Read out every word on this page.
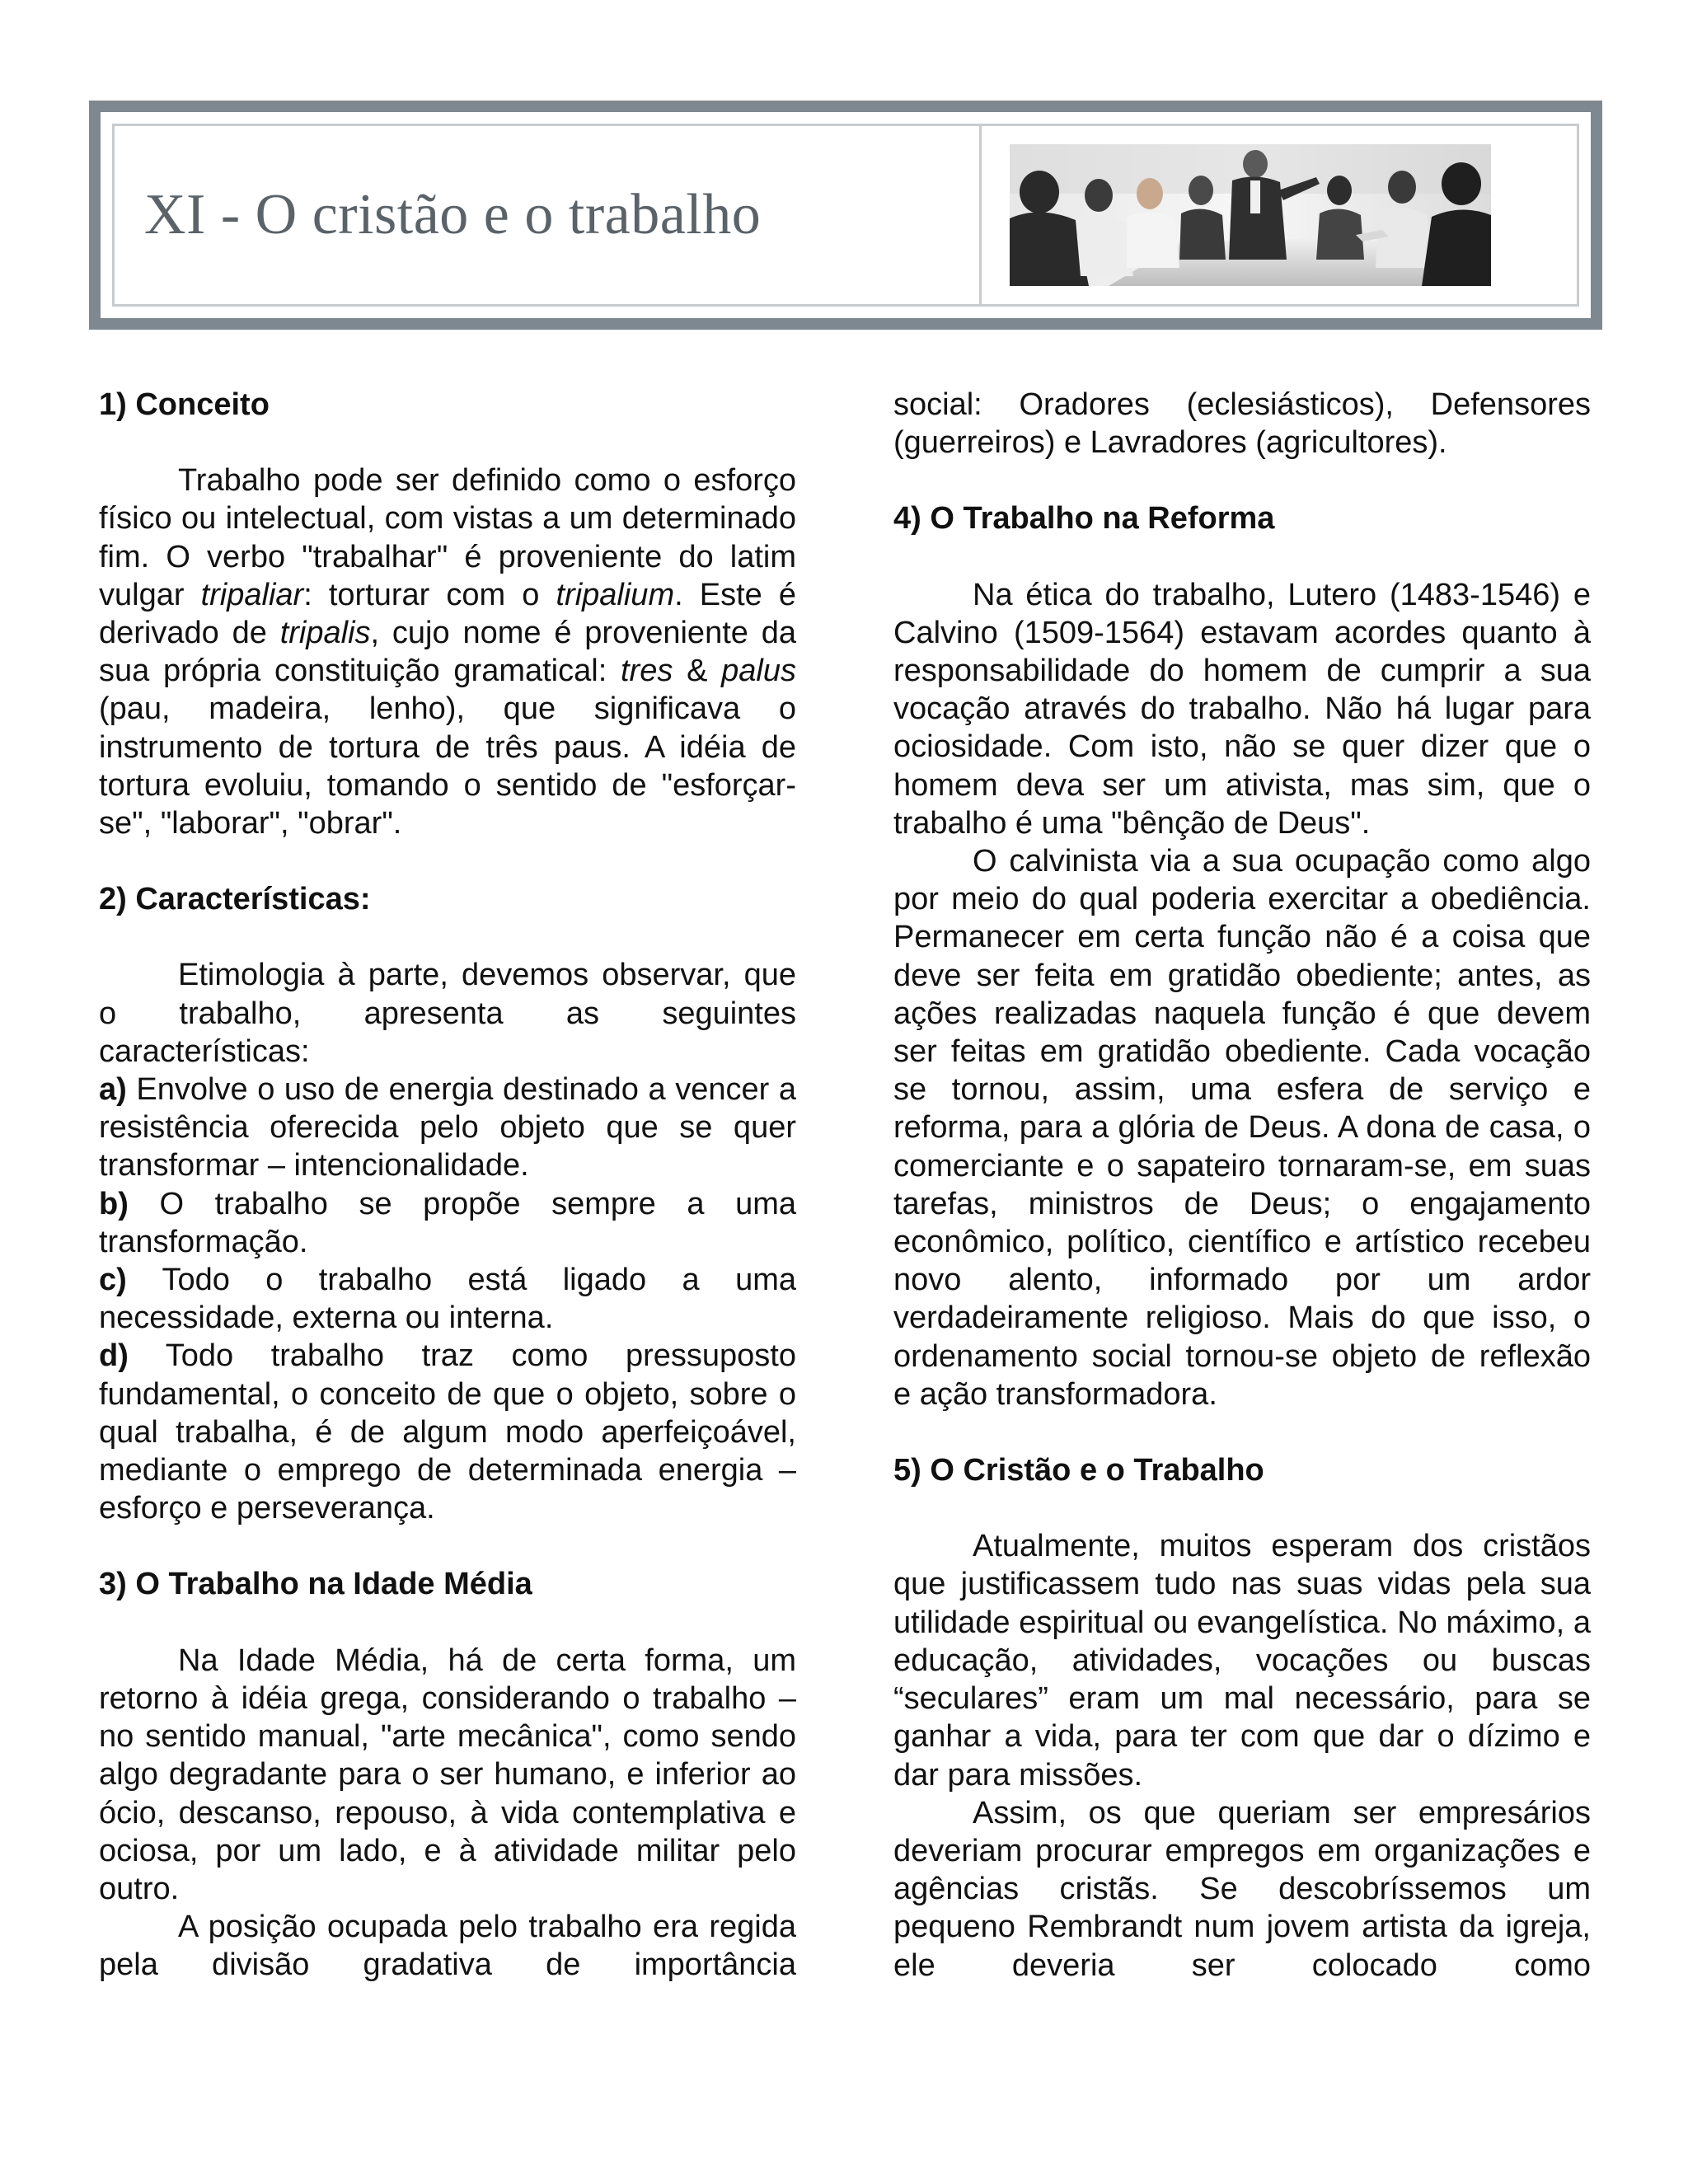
XI - O cristão e o trabalho
1) Conceito

Trabalho pode ser definido como o esforço físico ou intelectual, com vistas a um determinado fim. O verbo "trabalhar" é proveniente do latim vulgar tripaliar: torturar com o tripalium. Este é derivado de tripalis, cujo nome é proveniente da sua própria constituição gramatical: tres & palus (pau, madeira, lenho), que significava o instrumento de tortura de três paus. A idéia de tortura evoluiu, tomando o sentido de "esforçar-se", "laborar", "obrar".

2) Características:

Etimologia à parte, devemos observar, que o trabalho, apresenta as seguintes características:

a) Envolve o uso de energia destinado a vencer a resistência oferecida pelo objeto que se quer transformar – intencionalidade.

b) O trabalho se propõe sempre a uma transformação.

c) Todo o trabalho está ligado a uma necessidade, externa ou interna.

d) Todo trabalho traz como pressuposto fundamental, o conceito de que o objeto, sobre o qual trabalha, é de algum modo aperfeiçoável, mediante o emprego de determinada energia – esforço e perseverança.

3) O Trabalho na Idade Média

Na Idade Média, há de certa forma, um retorno à idéia grega, considerando o trabalho – no sentido manual, "arte mecânica", como sendo algo degradante para o ser humano, e inferior ao ócio, descanso, repouso, à vida contemplativa e ociosa, por um lado, e à atividade militar pelo outro.

A posição ocupada pelo trabalho era regida pela divisão gradativa de importância

social: Oradores (eclesiásticos), Defensores (guerreiros) e Lavradores (agricultores).

4) O Trabalho na Reforma

Na ética do trabalho, Lutero (1483-1546) e Calvino (1509-1564) estavam acordes quanto à responsabilidade do homem de cumprir a sua vocação através do trabalho. Não há lugar para ociosidade. Com isto, não se quer dizer que o homem deva ser um ativista, mas sim, que o trabalho é uma "bênção de Deus".

O calvinista via a sua ocupação como algo por meio do qual poderia exercitar a obediência. Permanecer em certa função não é a coisa que deve ser feita em gratidão obediente; antes, as ações realizadas naquela função é que devem ser feitas em gratidão obediente. Cada vocação se tornou, assim, uma esfera de serviço e reforma, para a glória de Deus. A dona de casa, o comerciante e o sapateiro tornaram-se, em suas tarefas, ministros de Deus; o engajamento econômico, político, científico e artístico recebeu novo alento, informado por um ardor verdadeiramente religioso. Mais do que isso, o ordenamento social tornou-se objeto de reflexão e ação transformadora.

5) O Cristão e o Trabalho

Atualmente, muitos esperam dos cristãos que justificassem tudo nas suas vidas pela sua utilidade espiritual ou evangelística. No máximo, a educação, atividades, vocações ou buscas “seculares” eram um mal necessário, para se ganhar a vida, para ter com que dar o dízimo e dar para missões.

Assim, os que queriam ser empresários deveriam procurar empregos em organizações e agências cristãs. Se descobríssemos um pequeno Rembrandt num jovem artista da igreja, ele deveria ser colocado como
